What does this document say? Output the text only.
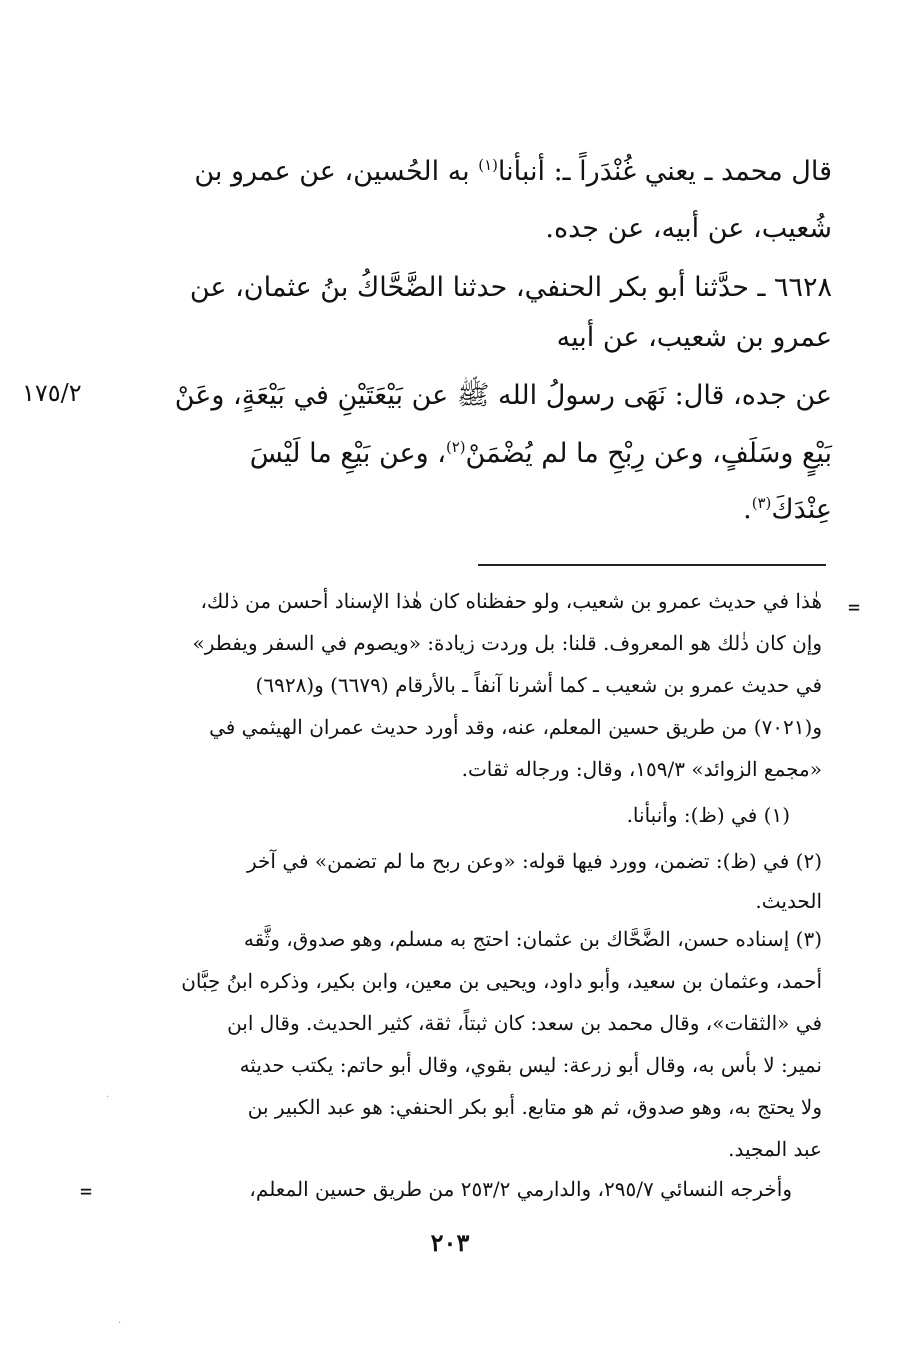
قال محمد ـ يعني غُنْدَراً ـ: أنبأنا$^{(١)}$ به الحُسين، عن عمرو بن

شُعيب، عن أبيه، عن جده.

٦٦٢٨ ـ حدَّثنا أبو بكر الحنفي، حدثنا الضَّحَّاكُ بنُ عثمان، عن

عمرو بن شعيب، عن أبيه

عن جده، قال: نَهَى رسولُ الله ﷺ عن بَيْعَتَيْنِ في بَيْعَةٍ، وعَنْ

بَيْعٍ وسَلَفٍ، وعن رِبْحِ ما لم يُضْمَنْ$^{(٢)}$، وعن بَيْعِ ما لَيْسَ

عِنْدَكَ$^{(٣)}$.

١٧٥/٢
=

هٰذا في حديث عمرو بن شعيب، ولو حفظناه كان هٰذا الإسناد أحسن من ذلك،

وإن كان ذٰلك هو المعروف. قلنا: بل وردت زيادة: «ويصوم في السفر ويفطر»

في حديث عمرو بن شعيب ـ كما أشرنا آنفاً ـ بالأرقام (٦٦٧٩) و(٦٩٢٨)

و(٧٠٢١) من طريق حسين المعلم، عنه، وقد أورد حديث عمران الهيثمي في

«مجمع الزوائد» ١٥٩/٣، وقال: ورجاله ثقات.

(١) في (ظ): وأنبأنا.

(٢) في (ظ): تضمن، وورد فيها قوله: «وعن ربح ما لم تضمن» في آخر

الحديث.

(٣) إسناده حسن، الضَّحَّاك بن عثمان: احتج به مسلم، وهو صدوق، وثَّقه

أحمد، وعثمان بن سعيد، وأبو داود، ويحيى بن معين، وابن بكير، وذكره ابنُ حِبَّان

في «الثقات»، وقال محمد بن سعد: كان ثبتاً، ثقة، كثير الحديث. وقال ابن

نمير: لا بأس به، وقال أبو زرعة: ليس بقوي، وقال أبو حاتم: يكتب حديثه

ولا يحتج به، وهو صدوق، ثم هو متابع. أبو بكر الحنفي: هو عبد الكبير بن

عبد المجيد.

وأخرجه النسائي ٢٩٥/٧، والدارمي ٢٥٣/٢ من طريق حسين المعلم،

=
٢٠٣
·
·
